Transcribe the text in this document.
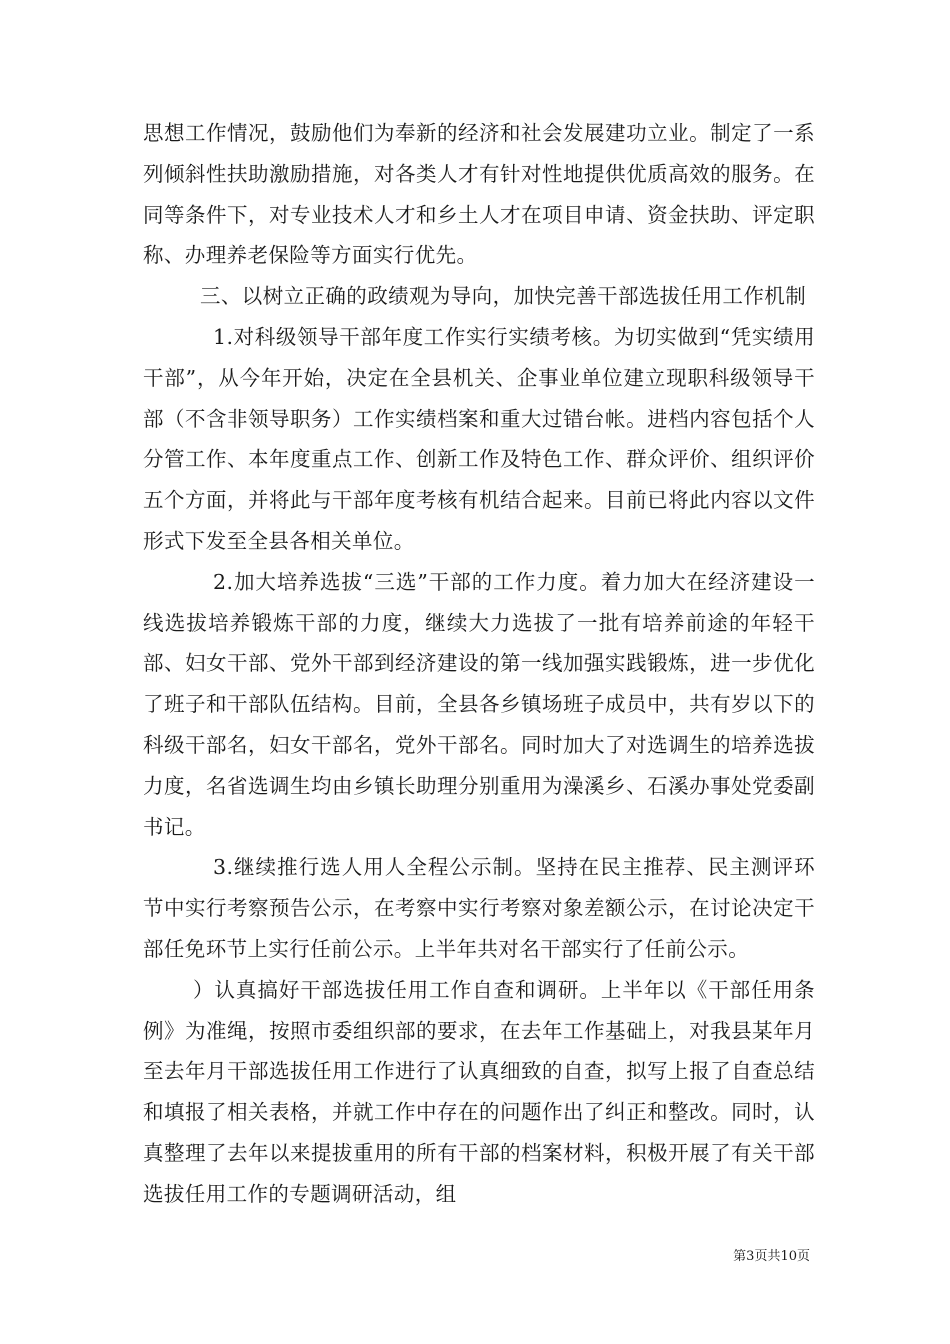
思想工作情况，鼓励他们为奉新的经济和社会发展建功立业。制定了一系列倾斜性扶助激励措施，对各类人才有针对性地提供优质高效的服务。在同等条件下，对专业技术人才和乡土人才在项目申请、资金扶助、评定职称、办理养老保险等方面实行优先。

三、以树立正确的政绩观为导向，加快完善干部选拔任用工作机制

1.对科级领导干部年度工作实行实绩考核。为切实做到“凭实绩用干部”，从今年开始，决定在全县机关、企事业单位建立现职科级领导干部（不含非领导职务）工作实绩档案和重大过错台帐。进档内容包括个人分管工作、本年度重点工作、创新工作及特色工作、群众评价、组织评价五个方面，并将此与干部年度考核有机结合起来。目前已将此内容以文件形式下发至全县各相关单位。

2.加大培养选拔“三选”干部的工作力度。着力加大在经济建设一线选拔培养锻炼干部的力度，继续大力选拔了一批有培养前途的年轻干部、妇女干部、党外干部到经济建设的第一线加强实践锻炼，进一步优化了班子和干部队伍结构。目前，全县各乡镇场班子成员中，共有岁以下的科级干部名，妇女干部名，党外干部名。同时加大了对选调生的培养选拔力度，名省选调生均由乡镇长助理分别重用为澡溪乡、石溪办事处党委副书记。

3.继续推行选人用人全程公示制。坚持在民主推荐、民主测评环节中实行考察预告公示，在考察中实行考察对象差额公示，在讨论决定干部任免环节上实行任前公示。上半年共对名干部实行了任前公示。

）认真搞好干部选拔任用工作自查和调研。上半年以《干部任用条例》为准绳，按照市委组织部的要求，在去年工作基础上，对我县某年月至去年月干部选拔任用工作进行了认真细致的自查，拟写上报了自查总结和填报了相关表格，并就工作中存在的问题作出了纠正和整改。同时，认真整理了去年以来提拔重用的所有干部的档案材料，积极开展了有关干部选拔任用工作的专题调研活动，组

第3页共10页
